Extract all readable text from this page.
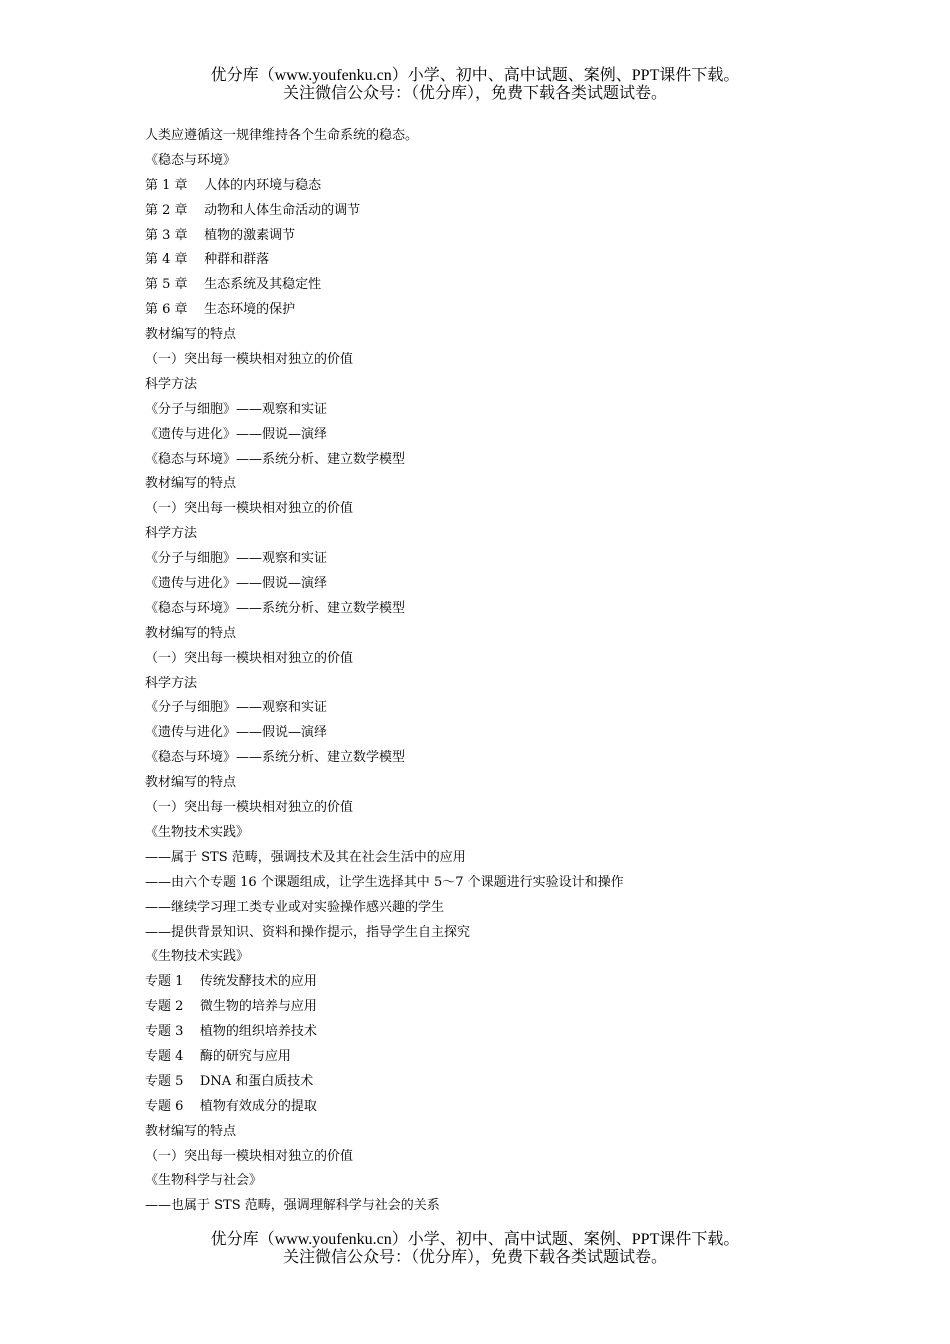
优分库（www.youfenku.cn）小学、初中、高中试题、案例、PPT课件下载。
关注微信公众号：（优分库），免费下载各类试题试卷。
人类应遵循这一规律维持各个生命系统的稳态。
《稳态与环境》
第 1 章    人体的内环境与稳态
第 2 章    动物和人体生命活动的调节
第 3 章    植物的激素调节
第 4 章    种群和群落
第 5 章    生态系统及其稳定性
第 6 章    生态环境的保护
教材编写的特点
（一）突出每一模块相对独立的价值
科学方法
《分子与细胞》——观察和实证
《遗传与进化》——假说—演绎
《稳态与环境》——系统分析、建立数学模型
教材编写的特点
（一）突出每一模块相对独立的价值
科学方法
《分子与细胞》——观察和实证
《遗传与进化》——假说—演绎
《稳态与环境》——系统分析、建立数学模型
教材编写的特点
（一）突出每一模块相对独立的价值
科学方法
《分子与细胞》——观察和实证
《遗传与进化》——假说—演绎
《稳态与环境》——系统分析、建立数学模型
教材编写的特点
（一）突出每一模块相对独立的价值
《生物技术实践》
——属于 STS 范畴，强调技术及其在社会生活中的应用
——由六个专题 16 个课题组成，让学生选择其中 5～7 个课题进行实验设计和操作
——继续学习理工类专业或对实验操作感兴趣的学生
——提供背景知识、资料和操作提示，指导学生自主探究
《生物技术实践》
专题 1    传统发酵技术的应用
专题 2    微生物的培养与应用
专题 3    植物的组织培养技术
专题 4    酶的研究与应用
专题 5    DNA 和蛋白质技术
专题 6    植物有效成分的提取
教材编写的特点
（一）突出每一模块相对独立的价值
《生物科学与社会》
——也属于 STS 范畴，强调理解科学与社会的关系
优分库（www.youfenku.cn）小学、初中、高中试题、案例、PPT课件下载。
关注微信公众号：（优分库），免费下载各类试题试卷。
